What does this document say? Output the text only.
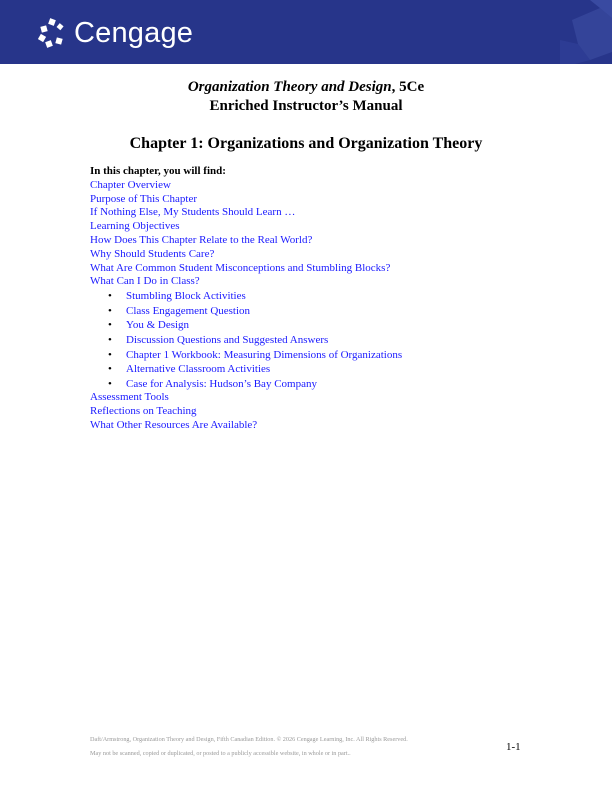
Cengage
Organization Theory and Design, 5Ce
Enriched Instructor’s Manual
Chapter 1: Organizations and Organization Theory
In this chapter, you will find:
Chapter Overview
Purpose of This Chapter
If Nothing Else, My Students Should Learn …
Learning Objectives
How Does This Chapter Relate to the Real World?
Why Should Students Care?
What Are Common Student Misconceptions and Stumbling Blocks?
What Can I Do in Class?
• Stumbling Block Activities
• Class Engagement Question
• You & Design
• Discussion Questions and Suggested Answers
• Chapter 1 Workbook: Measuring Dimensions of Organizations
• Alternative Classroom Activities
• Case for Analysis: Hudson’s Bay Company
Assessment Tools
Reflections on Teaching
What Other Resources Are Available?
Daft/Armstrong, Organization Theory and Design, Fifth Canadian Edition. © 2026 Cengage Learning, Inc. All Rights Reserved.
May not be scanned, copied or duplicated, or posted to a publicly accessible website, in whole or in part..
1-1
